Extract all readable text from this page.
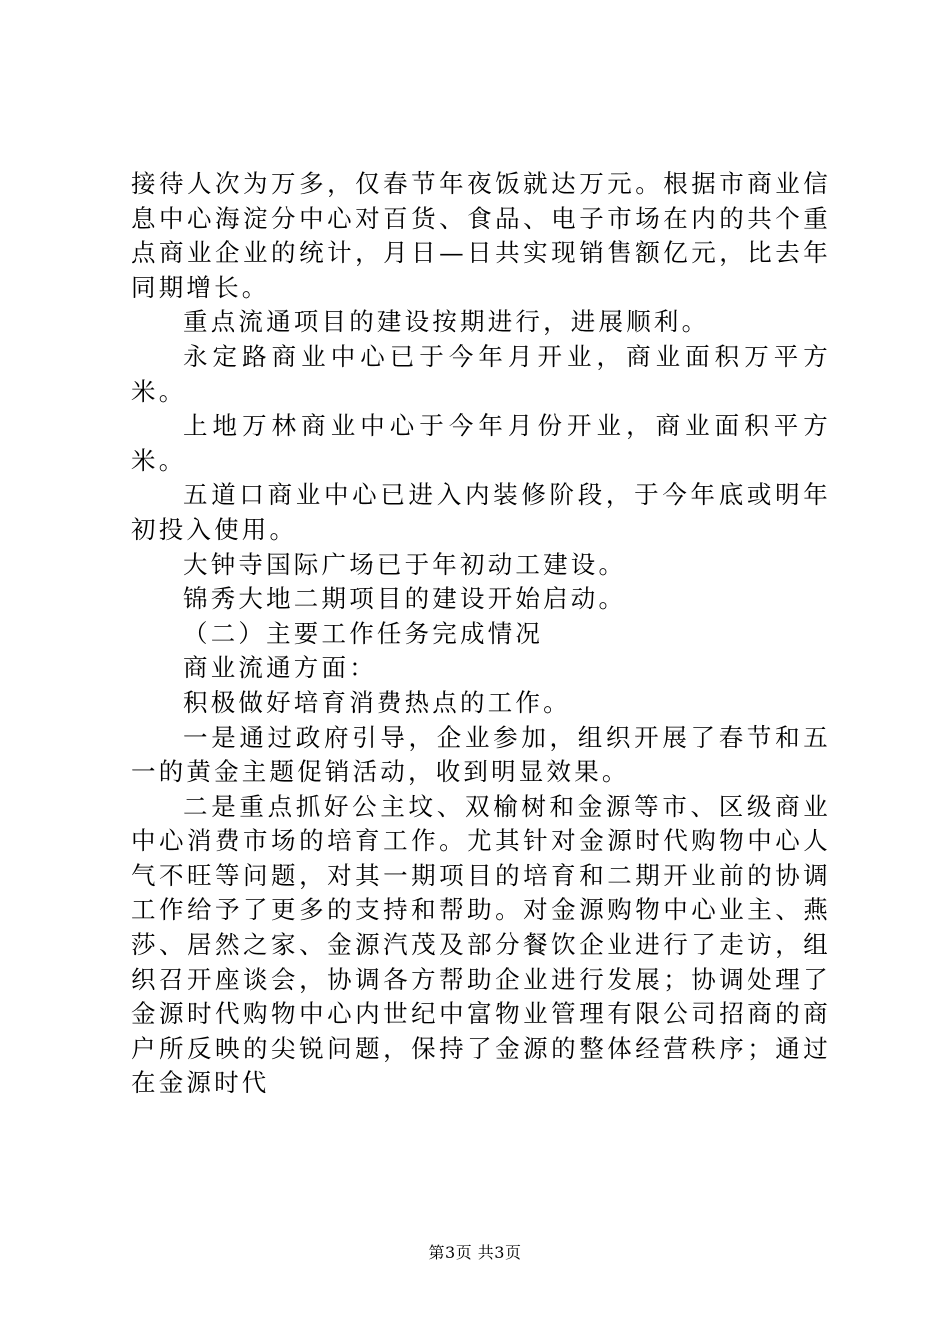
接待人次为万多，仅春节年夜饭就达万元。根据市商业信息中心海淀分中心对百货、食品、电子市场在内的共个重点商业企业的统计，月日—日共实现销售额亿元，比去年同期增长。

重点流通项目的建设按期进行，进展顺利。

永定路商业中心已于今年月开业，商业面积万平方米。

上地万林商业中心于今年月份开业，商业面积平方米。

五道口商业中心已进入内装修阶段，于今年底或明年初投入使用。

大钟寺国际广场已于年初动工建设。

锦秀大地二期项目的建设开始启动。

（二）主要工作任务完成情况

商业流通方面：

积极做好培育消费热点的工作。

一是通过政府引导，企业参加，组织开展了春节和五一的黄金主题促销活动，收到明显效果。

二是重点抓好公主坟、双榆树和金源等市、区级商业中心消费市场的培育工作。尤其针对金源时代购物中心人气不旺等问题，对其一期项目的培育和二期开业前的协调工作给予了更多的支持和帮助。对金源购物中心业主、燕莎、居然之家、金源汽茂及部分餐饮企业进行了走访，组织召开座谈会，协调各方帮助企业进行发展；协调处理了金源时代购物中心内世纪中富物业管理有限公司招商的商户所反映的尖锐问题，保持了金源的整体经营秩序；通过在金源时代

第3页 共3页
